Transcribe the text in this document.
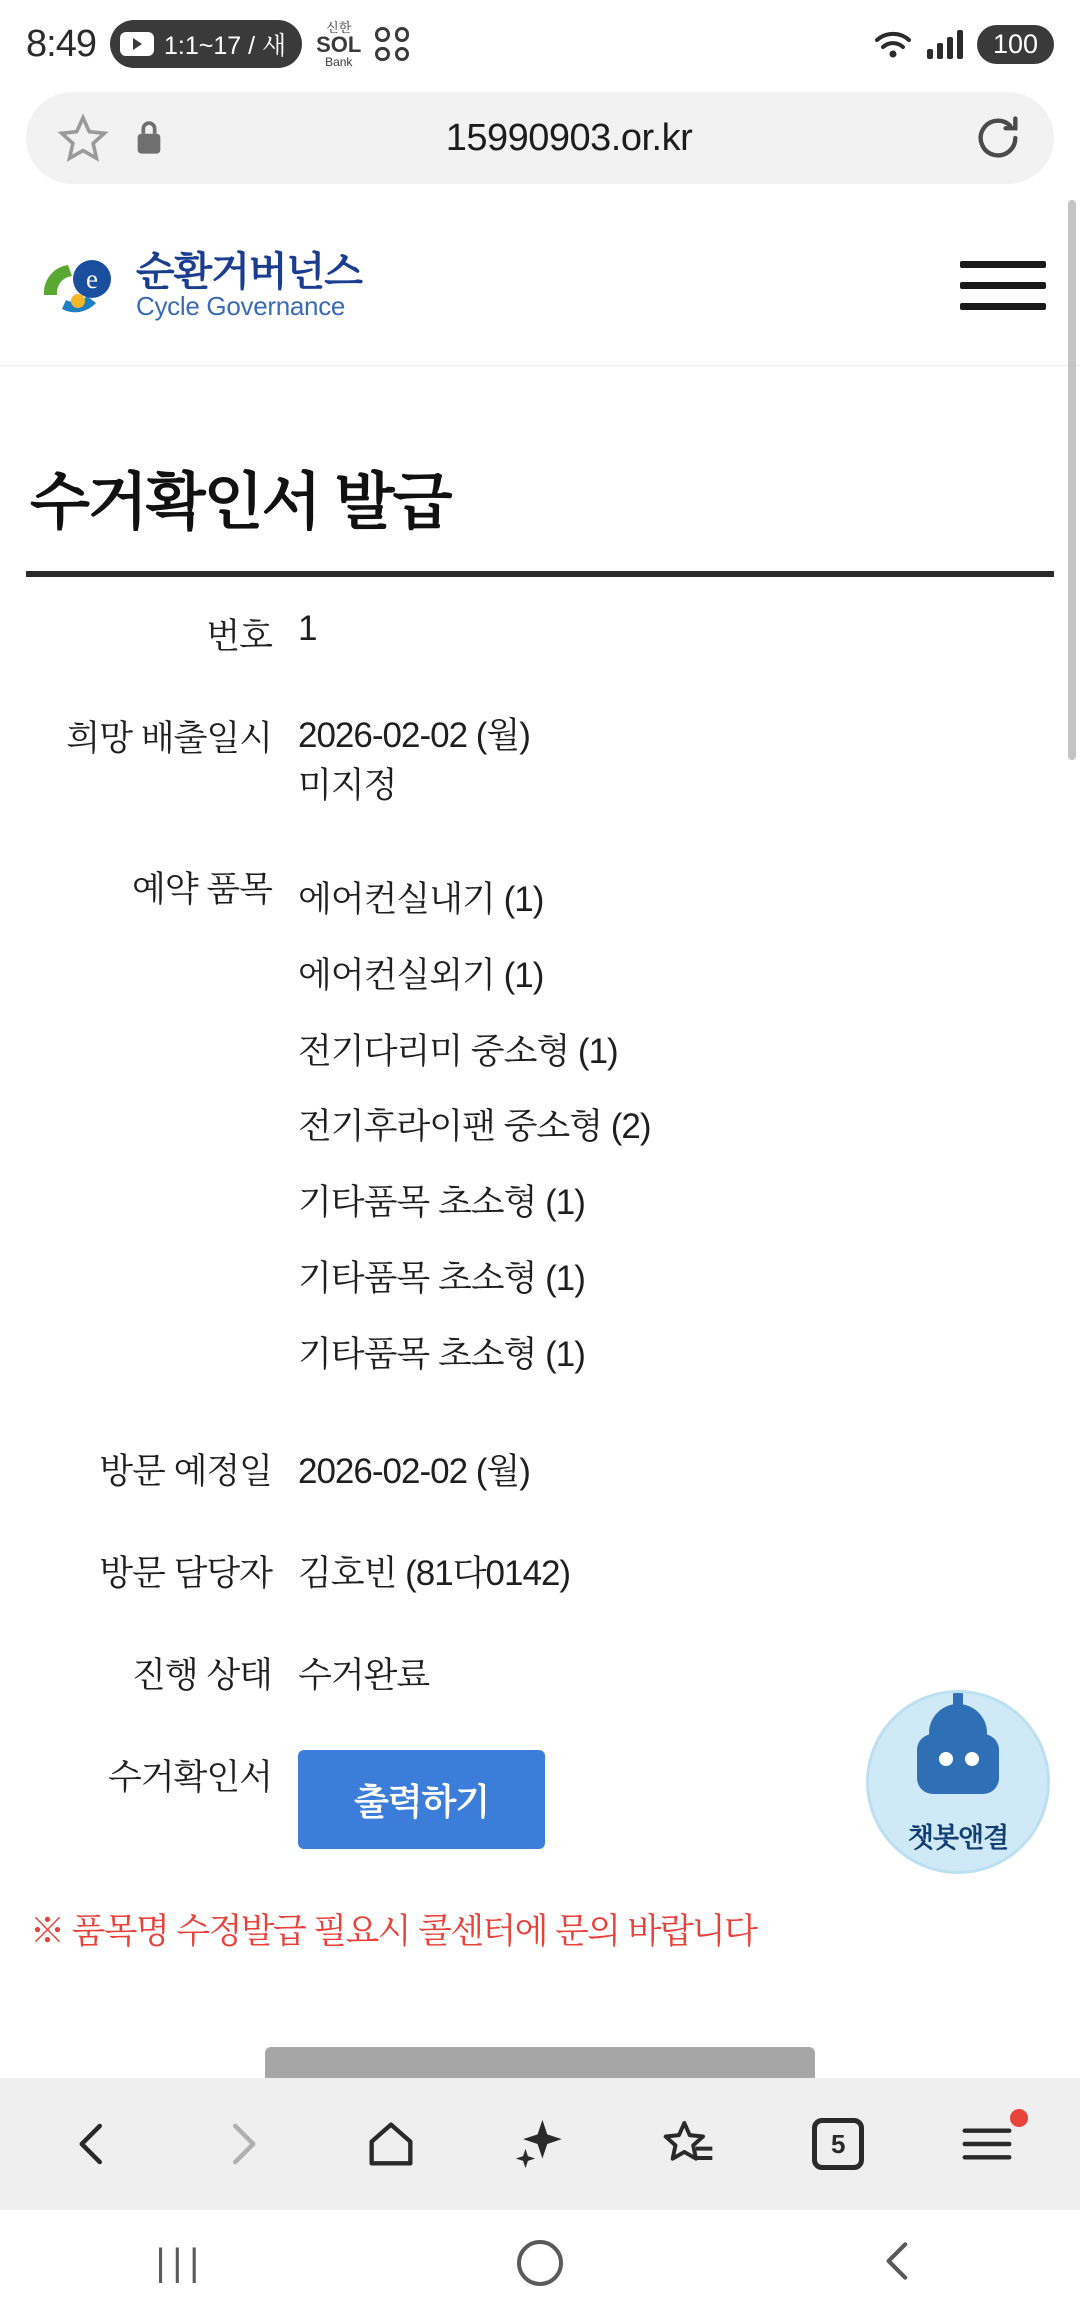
8:49	1:1~17 / 새
신한
SOL
Bank
100
15990903.or.kr
e 순환거버넌스
Cycle Governance
수거확인서 발급
번호	1
희망 배출일시	2026-02-02 (월)
미지정

예약 품목	에어컨실내기 (1)
에어컨실외기 (1)
전기다리미 중소형 (1)
전기후라이팬 중소형 (2)
기타품목 초소형 (1)
기타품목 초소형 (1)
기타품목 초소형 (1)

방문 예정일	2026-02-02 (월)
방문 담당자	김호빈 (81다0142)
진행 상태	수거완료
수거확인서	출력하기
※ 품목명 수정발급 필요시 콜센터에 문의 바랍니다
챗봇앤결
5
|||
